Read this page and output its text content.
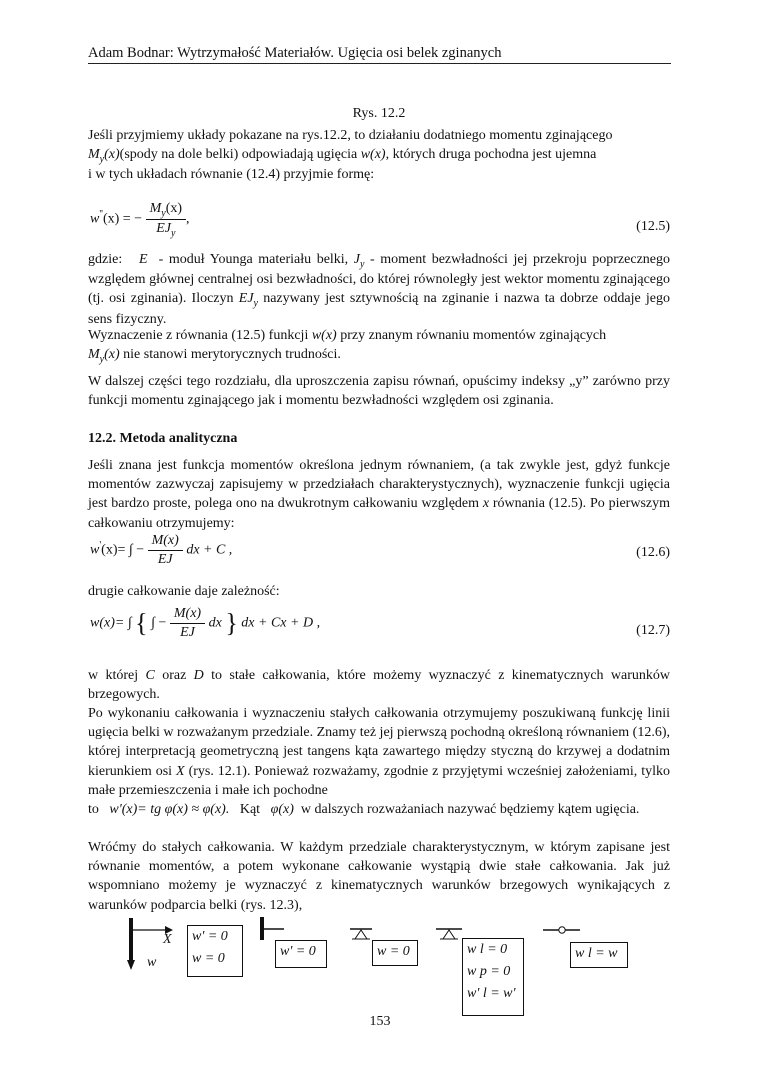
Adam Bodnar: Wytrzymałość Materiałów. Ugięcia osi belek zginanych
Rys. 12.2
Jeśli przyjmiemy układy pokazane na rys.12.2, to działaniu dodatniego momentu zginającego
$M_y(x)(spody$ na dole belki) odpowiadają ugięcia w(x), których druga pochodna jest ujemna
i w tych układach równanie (12.4) przyjmie formę:
w''(x) = − $\frac{M_y(x)}{EJ_y}$ ,	(12.5)
gdzie: E - moduł Younga materiału belki, $J_y$ - moment bezwładności jej przekroju poprzecznego względem głównej centralnej osi bezwładności, do której równoległy jest wektor momentu zginającego (tj. osi zginania). Iloczyn $EJ_y$ nazywany jest sztywnością na zginanie i nazwa ta dobrze oddaje jego sens fizyczny.
Wyznaczenie z równania (12.5) funkcji w(x) przy znanym równaniu momentów zginających
$M_y(x)$ nie stanowi merytorycznych trudności.
W dalszej części tego rozdziału, dla uproszczenia zapisu równań, opuścimy indeksy „y” zarówno przy funkcji momentu zginającego jak i momentu bezwładności względem osi zginania.
12.2. Metoda analityczna
Jeśli znana jest funkcja momentów określona jednym równaniem, (a tak zwykle jest, gdyż funkcje momentów zazwyczaj zapisujemy w przedziałach charakterystycznych), wyznaczenie funkcji ugięcia jest bardzo proste, polega ono na dwukrotnym całkowaniu względem x równania (12.5). Po pierwszym całkowaniu otrzymujemy:
w'(x)= ∫ − $\frac{M(x)}{EJ}$ dx + C ,	(12.6)
drugie całkowanie daje zależność:
w(x)= ∫ { ∫ − $\frac{M(x)}{EJ}$ dx } dx + Cx + D ,	(12.7)
w której C oraz D to stałe całkowania, które możemy wyznaczyć z kinematycznych warunków brzegowych.
Po wykonaniu całkowania i wyznaczeniu stałych całkowania otrzymujemy poszukiwaną funkcję linii ugięcia belki w rozważanym przedziale. Znamy też jej pierwszą pochodną określoną równaniem (12.6), której interpretacją geometryczną jest tangens kąta zawartego między styczną do krzywej a dodatnim kierunkiem osi X (rys. 12.1). Ponieważ rozważamy, zgodnie z przyjętymi wcześniej założeniami, tylko małe przemieszczenia i małe ich pochodne
to w'(x)= tg φ(x) ≈ φ(x). Kąt φ(x) w dalszych rozważaniach nazywać będziemy kątem ugięcia.
Wróćmy do stałych całkowania. W każdym przedziale charakterystycznym, w którym zapisane jest równanie momentów, a potem wykonane całkowanie wystąpią dwie stałe całkowania. Jak już wspomniano możemy je wyznaczyć z kinematycznych warunków brzegowych wynikających z warunków podparcia belki (rys. 12.3),
X
w
w' = 0
w = 0	w' = 0	w = 0	w l = 0
w p = 0
w' l = w'
w l = w
153
